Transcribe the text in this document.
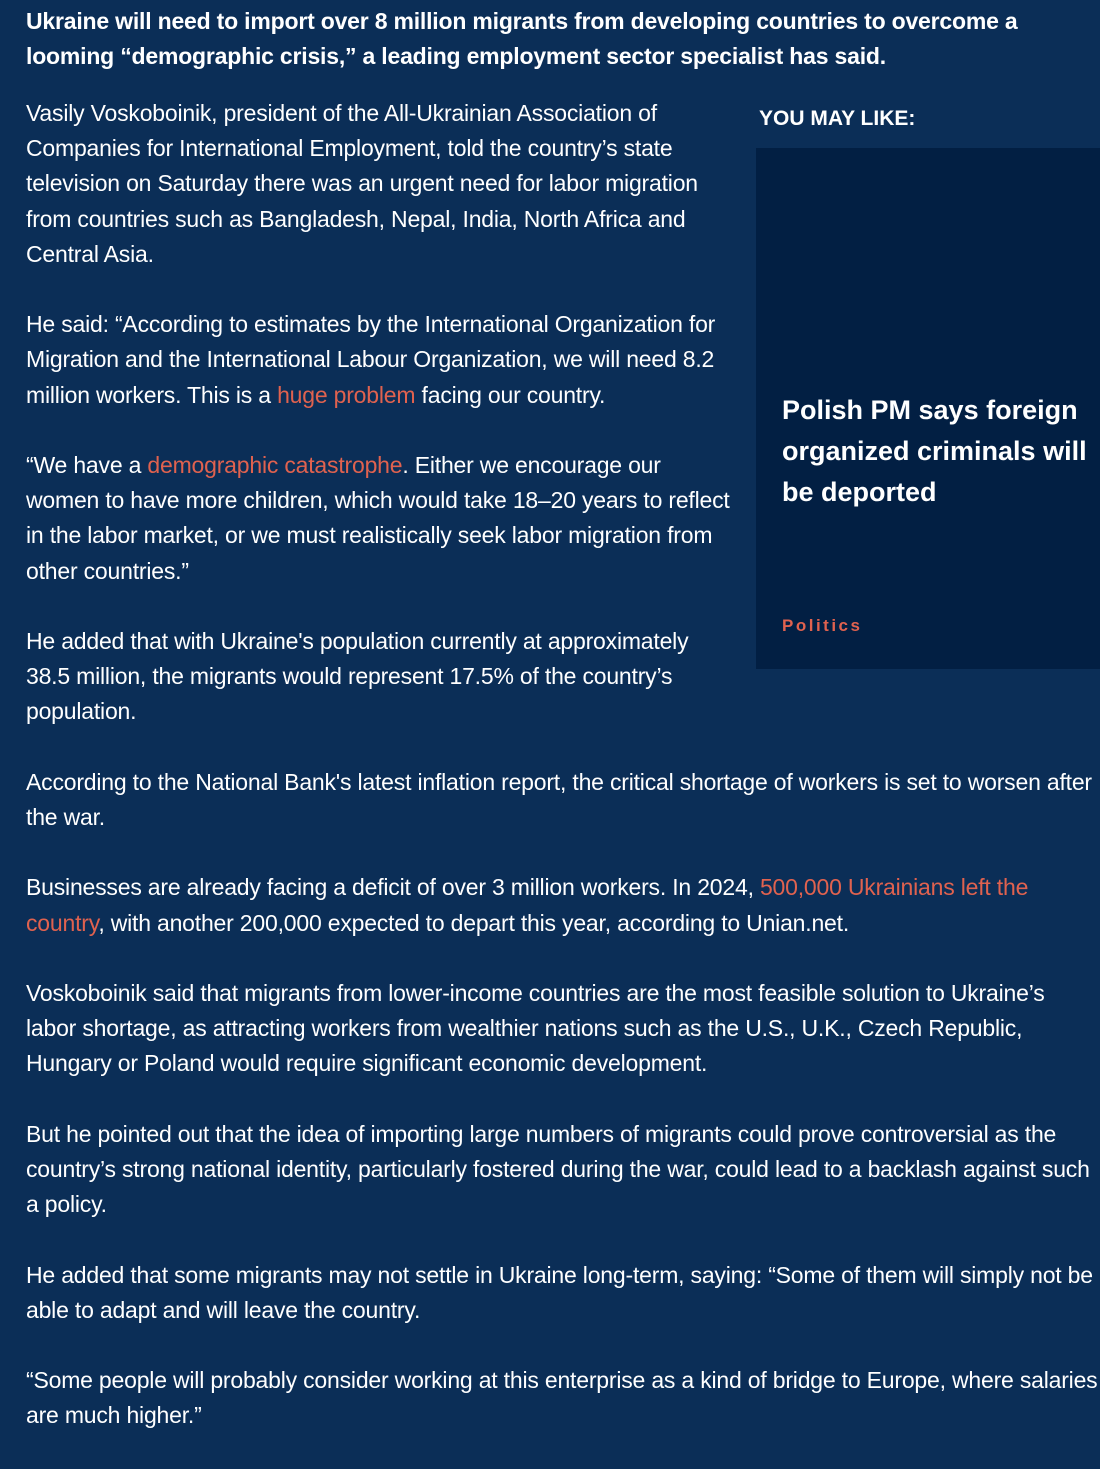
Ukraine will need to import over 8 million migrants from developing countries to overcome a looming “demographic crisis,” a leading employment sector specialist has said.

YOU MAY LIKE:
Polish PM says foreign organized criminals will be deported
Politics

Vasily Voskoboinik, president of the All-Ukrainian Association of Companies for International Employment, told the country’s state television on Saturday there was an urgent need for labor migration from countries such as Bangladesh, Nepal, India, North Africa and Central Asia.

He said: “According to estimates by the International Organization for Migration and the International Labour Organization, we will need 8.2 million workers. This is a huge problem facing our country.

“We have a demographic catastrophe. Either we encourage our women to have more children, which would take 18–20 years to reflect in the labor market, or we must realistically seek labor migration from other countries.”

He added that with Ukraine's population currently at approximately 38.5 million, the migrants would represent 17.5% of the country’s population.

According to the National Bank's latest inflation report, the critical shortage of workers is set to worsen after the war.

Businesses are already facing a deficit of over 3 million workers. In 2024, 500,000 Ukrainians left the country, with another 200,000 expected to depart this year, according to Unian.net.

Voskoboinik said that migrants from lower-income countries are the most feasible solution to Ukraine’s labor shortage, as attracting workers from wealthier nations such as the U.S., U.K., Czech Republic, Hungary or Poland would require significant economic development.

But he pointed out that the idea of importing large numbers of migrants could prove controversial as the country’s strong national identity, particularly fostered during the war, could lead to a backlash against such a policy.

He added that some migrants may not settle in Ukraine long-term, saying: “Some of them will simply not be able to adapt and will leave the country.

“Some people will probably consider working at this enterprise as a kind of bridge to Europe, where salaries are much higher.”
